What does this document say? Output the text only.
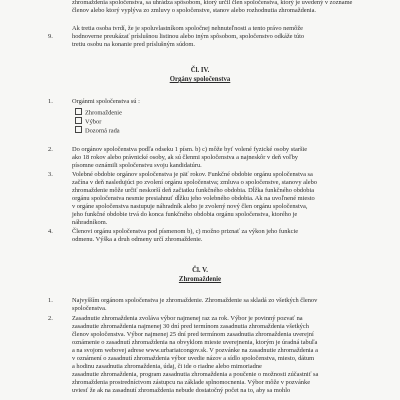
zhromaždenia spoločenstva, sa uhrádza spôsobom, ktorý určil člen spoločenstva, ktorý je uvedený v zozname
členov alebo ktorý vyplýva zo zmluvy o spoločenstve, stanov alebo rozhodnutia zhromaždenia.
9.
Ak tretia osoba tvrdí, že je spoluvlastníkom spoločnej nehnuteľnosti a tento právo nemôže
hodnoverne preukázať príslušnou listinou alebo iným spôsobom, spoločenstvo odkáže túto
tretiu osobu na konanie pred príslušným súdom.
Čl. IV.
Orgány spoločenstva
1.	Orgánmi spoločenstva sú :
Zhromaždenie
Výbor
Dozorná rada
2.	Do orgánov spoločenstva podľa odseku 1 písm. b) c) môže byť volené fyzické osoby staršie
ako 18 rokov alebo právnické osoby, ak sú členmi spoločenstva a najneskôr v deň voľby
písomne oznámili spoločenstvu svoju kandidatúru.
3.	Volebné obdobie orgánov spoločenstva je päť rokov. Funkčné obdobie orgánu spoločenstva sa
začína v deň nasledujúci po zvolení orgánu spoločenstva; zmluva o spoločenstve, stanovy alebo
zhromaždenie môže určiť neskorší deň začiatku funkčného obdobia. Dĺžka funkčného obdobia
orgánu spoločenstva nesmie presiahnuť dĺžku jeho volebného obdobia. Ak na uvoľnené miesto
v orgáne spoločenstva nastupuje náhradník alebo je zvolený nový člen orgánu spoločenstva,
jeho funkčné obdobie trvá do konca funkčného obdobia orgánu spoločenstva, ktorého je
náhradníkom.
4.	Členovi orgánu spoločenstva pod písmenom b), c) možno priznať za výkon jeho funkcie
odmenu. Výška a druh odmeny určí zhromaždenie.
Čl. V.
Zhromaždenie
1.	Najvyšším orgánom spoločenstva je zhromaždenie. Zhromaždenie sa skladá zo všetkých členov
spoločenstva.
2.	Zasadnutie zhromaždenia zvoláva výbor najmenej raz za rok. Výbor je povinný pozvať na
zasadnutie zhromaždenia najmenej 30 dní pred termínom zasadnutia zhromaždenia všetkých
členov spoločenstva. Výbor najmenej 25 dní pred termínom zasadnutia zhromaždenia uverejní
oznámenie o zasadnutí zhromaždenia na obvyklom mieste uverejnenia, ktorým je úradná tabuľa
a na svojom webovej adrese www.urbariatcongov.sk. V pozvánke na zasadnutie zhromaždenia a
v oznámení o zasadnutí zhromaždenia výbor uvedie názov a sídlo spoločenstva, miesto, dátum
a hodinu zasadnutia zhromaždenia, údaj, či ide o riadne alebo mimoriadne
zasadnutie zhromaždenia, program zasadnutia zhromaždenia a poučenie o možnosti zúčastniť sa
zhromaždenia prostredníctvom zástupcu na základe splnomocnenia. Výbor môže v pozvánke
uviesť že ak na zasadnutí zhromaždenia nebude dostatočný počet na to, aby sa mohlo
